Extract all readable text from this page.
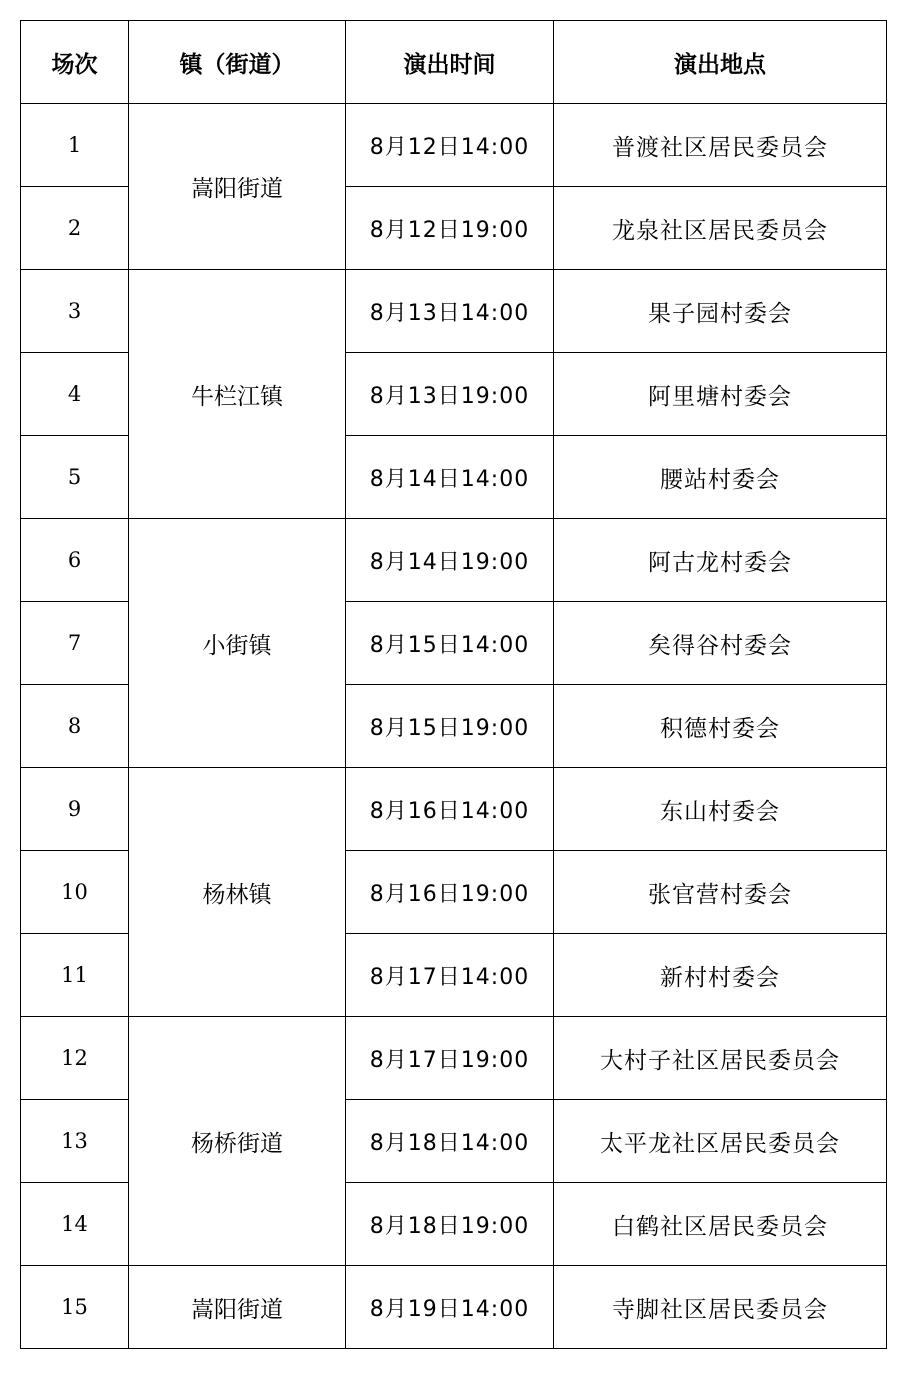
场次	镇（街道）	演出时间	演出地点
1	嵩阳街道	8月12日14:00	普渡社区居民委员会
2		8月12日19:00	龙泉社区居民委员会
3	牛栏江镇	8月13日14:00	果子园村委会
4		8月13日19:00	阿里塘村委会
5		8月14日14:00	腰站村委会
6	小街镇	8月14日19:00	阿古龙村委会
7		8月15日14:00	矣得谷村委会
8		8月15日19:00	积德村委会
9	杨林镇	8月16日14:00	东山村委会
10		8月16日19:00	张官营村委会
11		8月17日14:00	新村村委会
12	杨桥街道	8月17日19:00	大村子社区居民委员会
13		8月18日14:00	太平龙社区居民委员会
14		8月18日19:00	白鹤社区居民委员会
15	嵩阳街道	8月19日14:00	寺脚社区居民委员会
